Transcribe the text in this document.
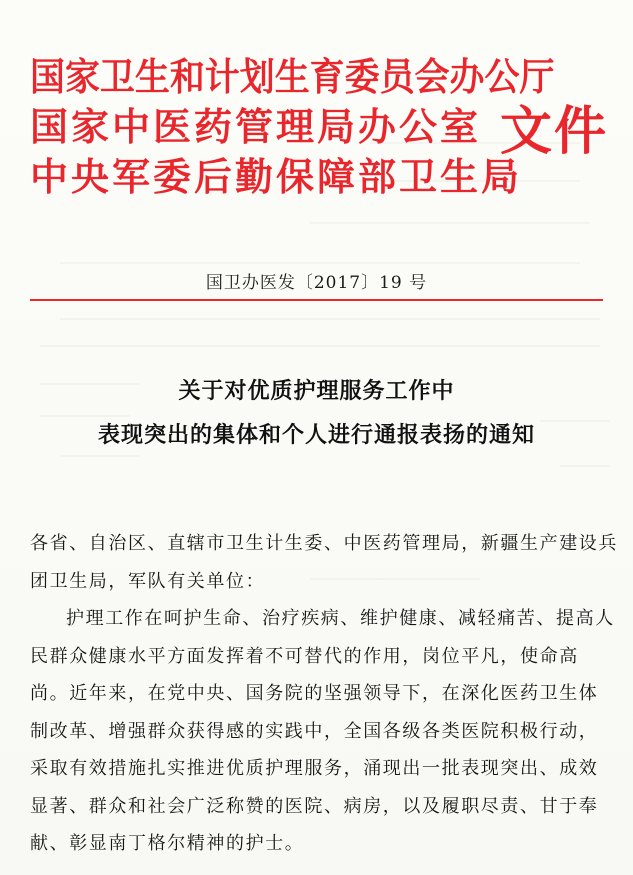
国家卫生和计划生育委员会办公厅
国家中医药管理局办公室
中央军委后勤保障部卫生局
文件
国卫办医发〔2017〕19 号
关于对优质护理服务工作中
表现突出的集体和个人进行通报表扬的通知
各省、自治区、直辖市卫生计生委、中医药管理局，新疆生产建设兵
团卫生局，军队有关单位：
护理工作在呵护生命、治疗疾病、维护健康、减轻痛苦、提高人
民群众健康水平方面发挥着不可替代的作用，岗位平凡，使命高
尚。近年来，在党中央、国务院的坚强领导下，在深化医药卫生体
制改革、增强群众获得感的实践中，全国各级各类医院积极行动，
采取有效措施扎实推进优质护理服务，涌现出一批表现突出、成效
显著、群众和社会广泛称赞的医院、病房，以及履职尽责、甘于奉
献、彰显南丁格尔精神的护士。
